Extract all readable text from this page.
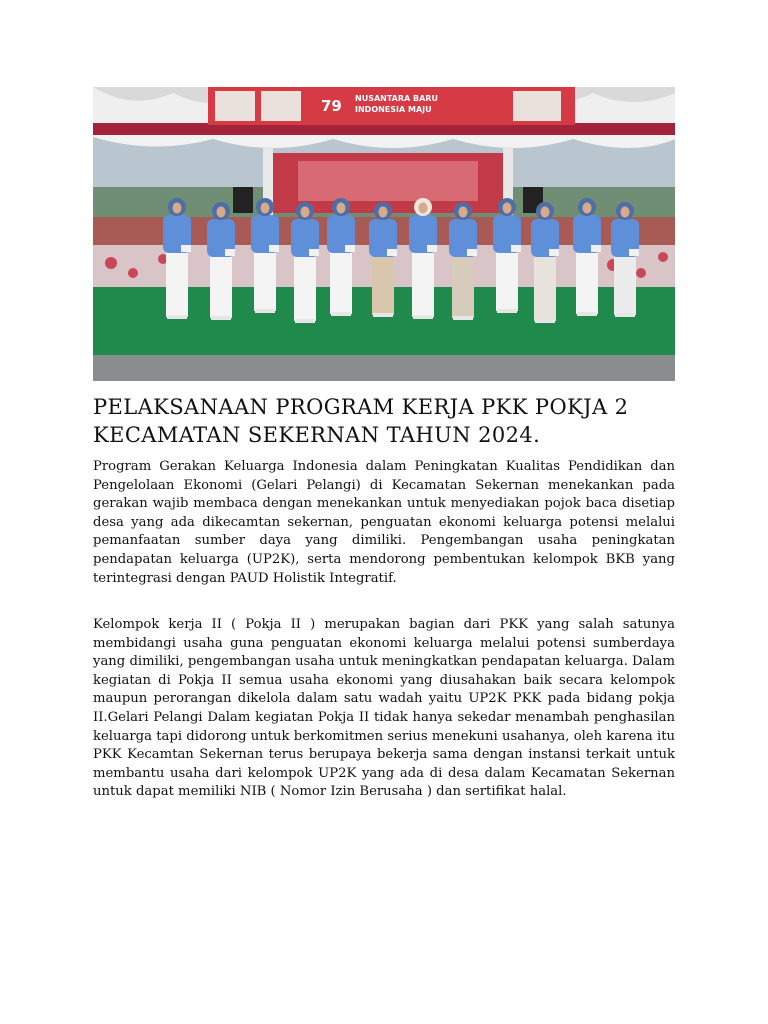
79 NUSANTARA BARU
INDONESIA MAJU
PELAKSANAAN PROGRAM KERJA PKK POKJA 2 KECAMATAN SEKERNAN TAHUN 2024.

Program Gerakan Keluarga Indonesia dalam Peningkatan Kualitas Pendidikan dan Pengelolaan Ekonomi (Gelari Pelangi) di Kecamatan Sekernan menekankan pada gerakan wajib membaca dengan menekankan untuk menyediakan pojok baca disetiap desa yang ada dikecamtan sekernan, penguatan ekonomi keluarga potensi melalui pemanfaatan sumber daya yang dimiliki. Pengembangan usaha peningkatan pendapatan keluarga (UP2K), serta mendorong pembentukan kelompok BKB yang terintegrasi dengan PAUD Holistik Integratif.

Kelompok kerja II ( Pokja II ) merupakan bagian dari PKK yang salah satunya membidangi usaha guna penguatan ekonomi keluarga melalui potensi sumberdaya yang dimiliki, pengembangan usaha untuk meningkatkan pendapatan keluarga. Dalam kegiatan di Pokja II semua usaha ekonomi yang diusahakan baik secara kelompok maupun perorangan dikelola dalam satu wadah yaitu UP2K PKK pada bidang pokja II.Gelari Pelangi Dalam kegiatan Pokja II tidak hanya sekedar menambah penghasilan keluarga tapi didorong untuk berkomitmen serius menekuni usahanya, oleh karena itu PKK Kecamtan Sekernan terus berupaya bekerja sama dengan instansi terkait untuk membantu usaha dari kelompok UP2K yang ada di desa dalam Kecamatan Sekernan untuk dapat memiliki NIB ( Nomor Izin Berusaha ) dan sertifikat halal.
